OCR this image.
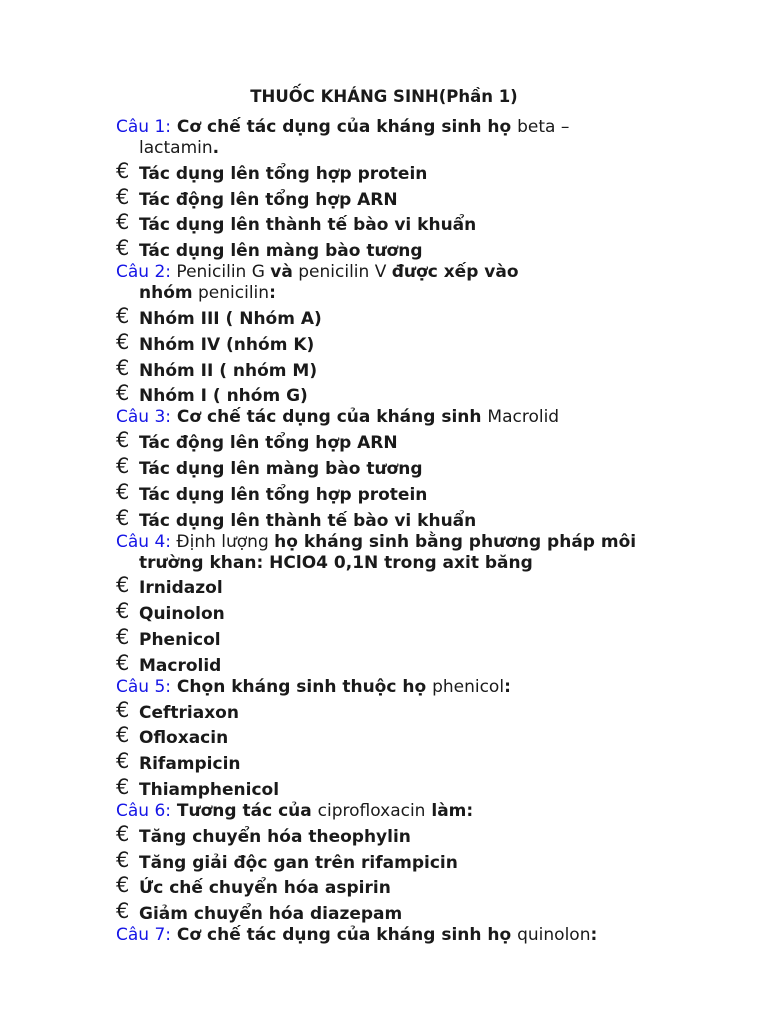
THUỐC KHÁNG SINH(Phần 1)

Câu 1: Cơ chế tác dụng của kháng sinh họ beta –
lactamin.

€ Tác dụng lên tổng hợp protein
€ Tác động lên tổng hợp ARN
€ Tác dụng lên thành tế bào vi khuẩn
€ Tác dụng lên màng bào tương

Câu 2: Penicilin G và penicilin V được xếp vào
nhóm penicilin:

€ Nhóm III ( Nhóm A)
€ Nhóm IV (nhóm K)
€ Nhóm II ( nhóm M)
€ Nhóm I ( nhóm G)

Câu 3: Cơ chế tác dụng của kháng sinh Macrolid

€ Tác động lên tổng hợp ARN
€ Tác dụng lên màng bào tương
€ Tác dụng lên tổng hợp protein
€ Tác dụng lên thành tế bào vi khuẩn

Câu 4: Định lượng họ kháng sinh bằng phương pháp môi
trường khan: HClO4 0,1N trong axit băng

€ Irnidazol
€ Quinolon
€ Phenicol
€ Macrolid

Câu 5: Chọn kháng sinh thuộc họ phenicol:

€ Ceftriaxon
€ Ofloxacin
€ Rifampicin
€ Thiamphenicol

Câu 6: Tương tác của ciprofloxacin làm:

€ Tăng chuyển hóa theophylin
€ Tăng giải độc gan trên rifampicin
€ Ức chế chuyển hóa aspirin
€ Giảm chuyển hóa diazepam

Câu 7: Cơ chế tác dụng của kháng sinh họ quinolon:
